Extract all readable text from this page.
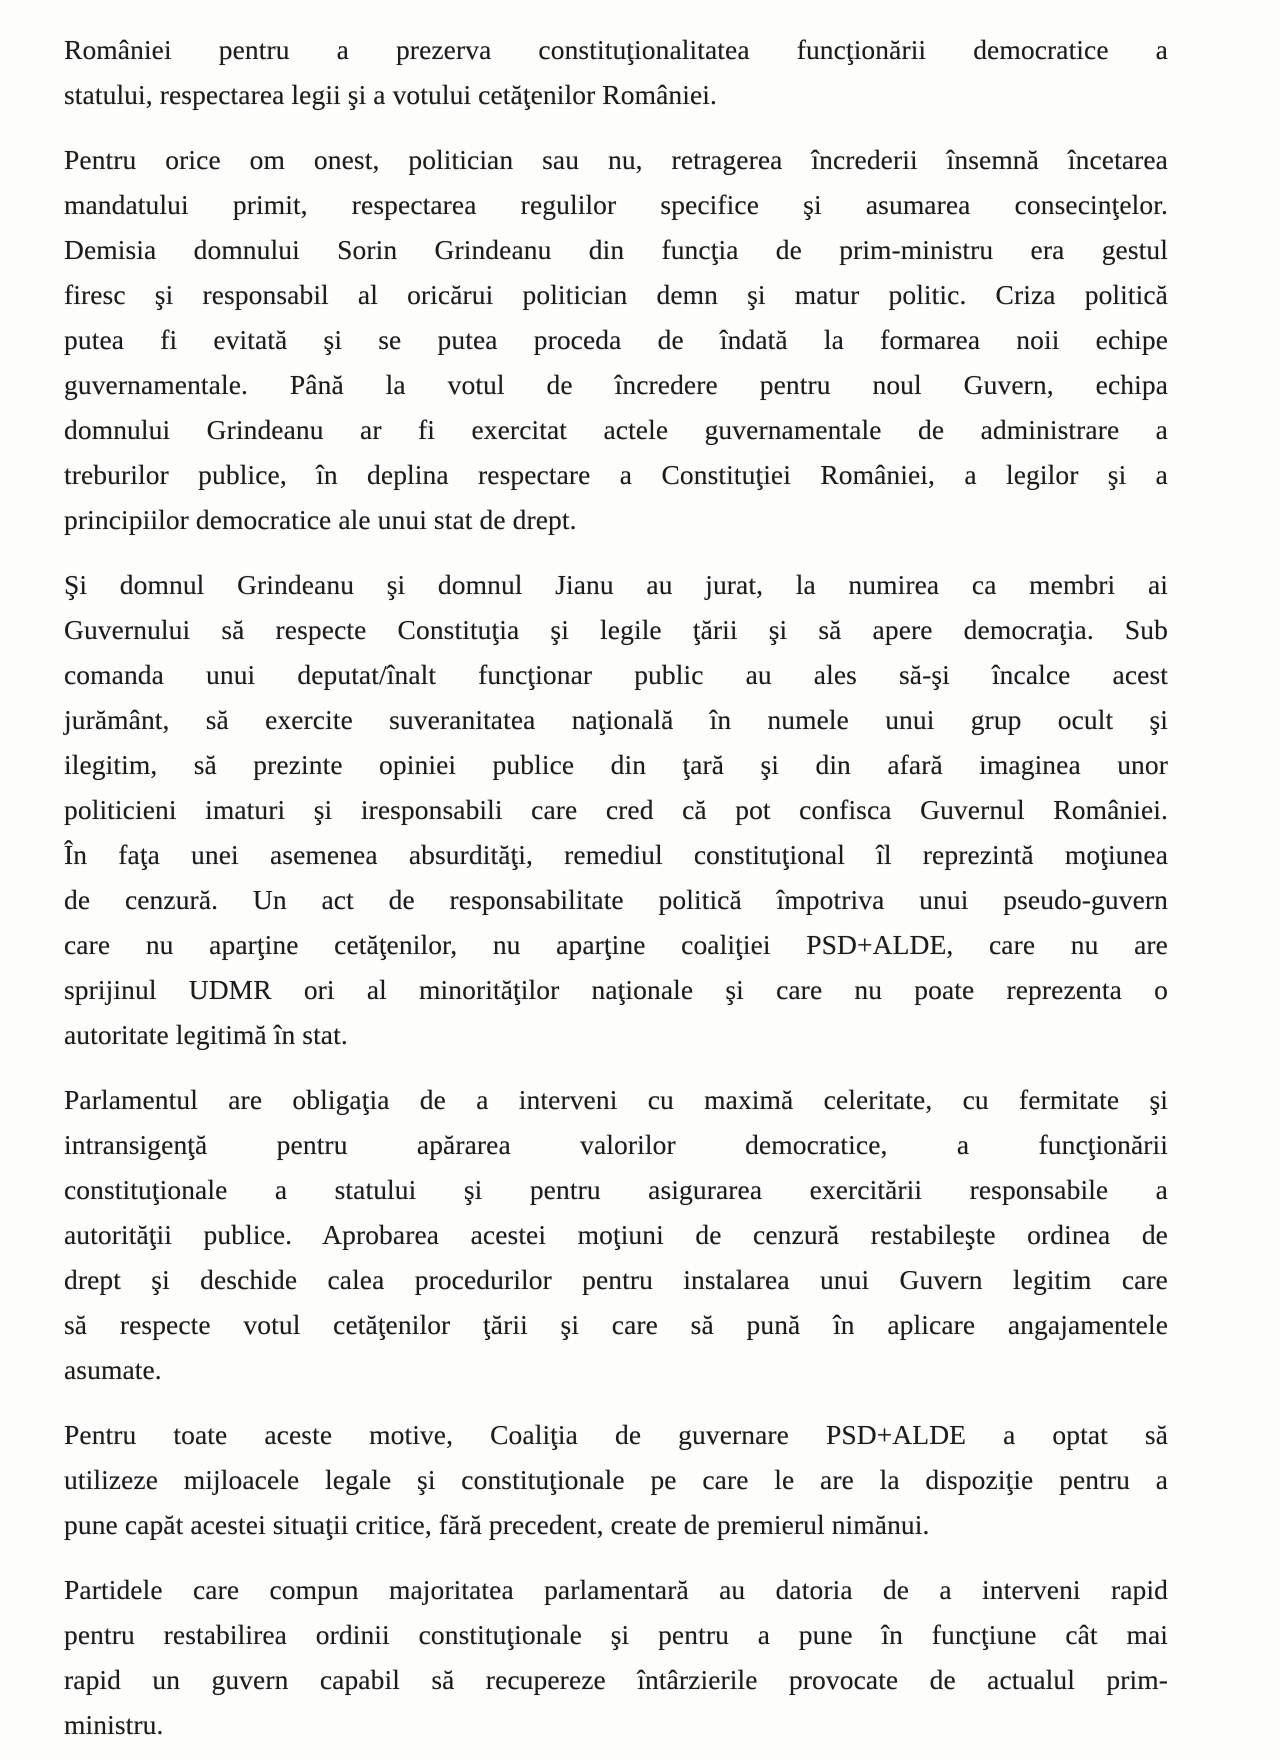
României pentru a prezerva constituţionalitatea funcţionării democratice a
statului, respectarea legii şi a votului cetăţenilor României.
Pentru orice om onest, politician sau nu, retragerea încrederii însemnă încetarea
mandatului primit, respectarea regulilor specifice şi asumarea consecinţelor.
Demisia domnului Sorin Grindeanu din funcţia de prim-ministru era gestul
firesc şi responsabil al oricărui politician demn şi matur politic. Criza politică
putea fi evitată şi se putea proceda de îndată la formarea noii echipe
guvernamentale. Până la votul de încredere pentru noul Guvern, echipa
domnului Grindeanu ar fi exercitat actele guvernamentale de administrare a
treburilor publice, în deplina respectare a Constituţiei României, a legilor şi a
principiilor democratice ale unui stat de drept.
Şi domnul Grindeanu şi domnul Jianu au jurat, la numirea ca membri ai
Guvernului să respecte Constituţia şi legile ţării şi să apere democraţia. Sub
comanda unui deputat/înalt funcţionar public au ales să-şi încalce acest
jurământ, să exercite suveranitatea naţională în numele unui grup ocult şi
ilegitim, să prezinte opiniei publice din ţară şi din afară imaginea unor
politicieni imaturi şi iresponsabili care cred că pot confisca Guvernul României.
În faţa unei asemenea absurdităţi, remediul constituţional îl reprezintă moţiunea
de cenzură. Un act de responsabilitate politică împotriva unui pseudo-guvern
care nu aparţine cetăţenilor, nu aparţine coaliţiei PSD+ALDE, care nu are
sprijinul UDMR ori al minorităţilor naţionale şi care nu poate reprezenta o
autoritate legitimă în stat.
Parlamentul are obligaţia de a interveni cu maximă celeritate, cu fermitate şi
intransigenţă pentru apărarea valorilor democratice, a funcţionării
constituţionale a statului şi pentru asigurarea exercitării responsabile a
autorităţii publice. Aprobarea acestei moţiuni de cenzură restabileşte ordinea de
drept şi deschide calea procedurilor pentru instalarea unui Guvern legitim care
să respecte votul cetăţenilor ţării şi care să pună în aplicare angajamentele
asumate.
Pentru toate aceste motive, Coaliţia de guvernare PSD+ALDE a optat să
utilizeze mijloacele legale şi constituţionale pe care le are la dispoziţie pentru a
pune capăt acestei situaţii critice, fără precedent, create de premierul nimănui.
Partidele care compun majoritatea parlamentară au datoria de a interveni rapid
pentru restabilirea ordinii constituţionale şi pentru a pune în funcţiune cât mai
rapid un guvern capabil să recupereze întârzierile provocate de actualul prim-
ministru.
